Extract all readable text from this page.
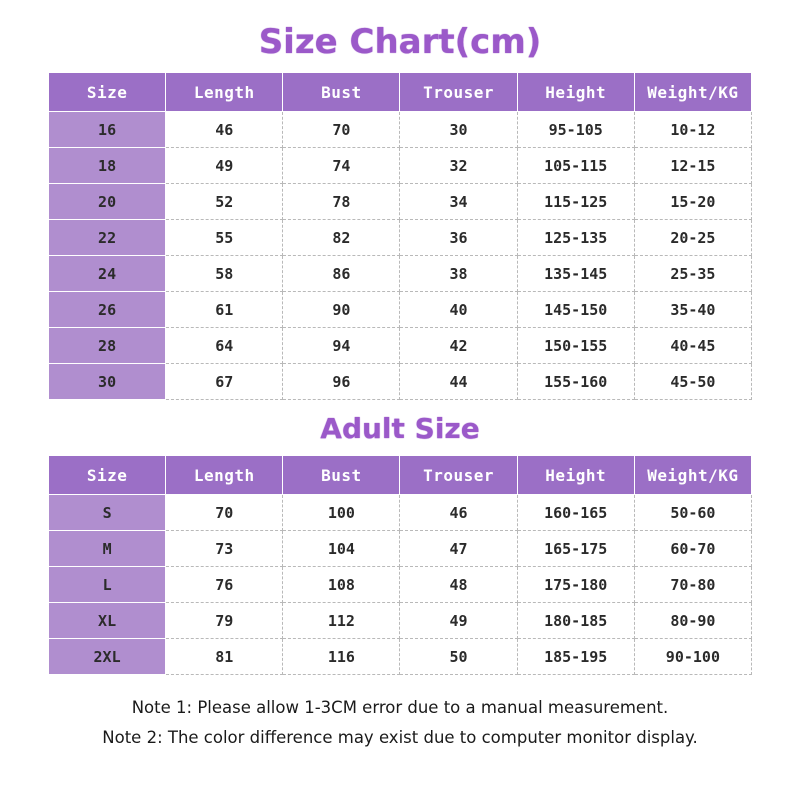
Size Chart(cm)
Size	Length	Bust	Trouser	Height	Weight/KG
16	46	70	30	95-105	10-12
18	49	74	32	105-115	12-15
20	52	78	34	115-125	15-20
22	55	82	36	125-135	20-25
24	58	86	38	135-145	25-35
26	61	90	40	145-150	35-40
28	64	94	42	150-155	40-45
30	67	96	44	155-160	45-50
Adult Size
Size	Length	Bust	Trouser	Height	Weight/KG
S	70	100	46	160-165	50-60
M	73	104	47	165-175	60-70
L	76	108	48	175-180	70-80
XL	79	112	49	180-185	80-90
2XL	81	116	50	185-195	90-100
Note 1: Please allow 1-3CM error due to a manual measurement.
Note 2: The color difference may exist due to computer monitor display.
